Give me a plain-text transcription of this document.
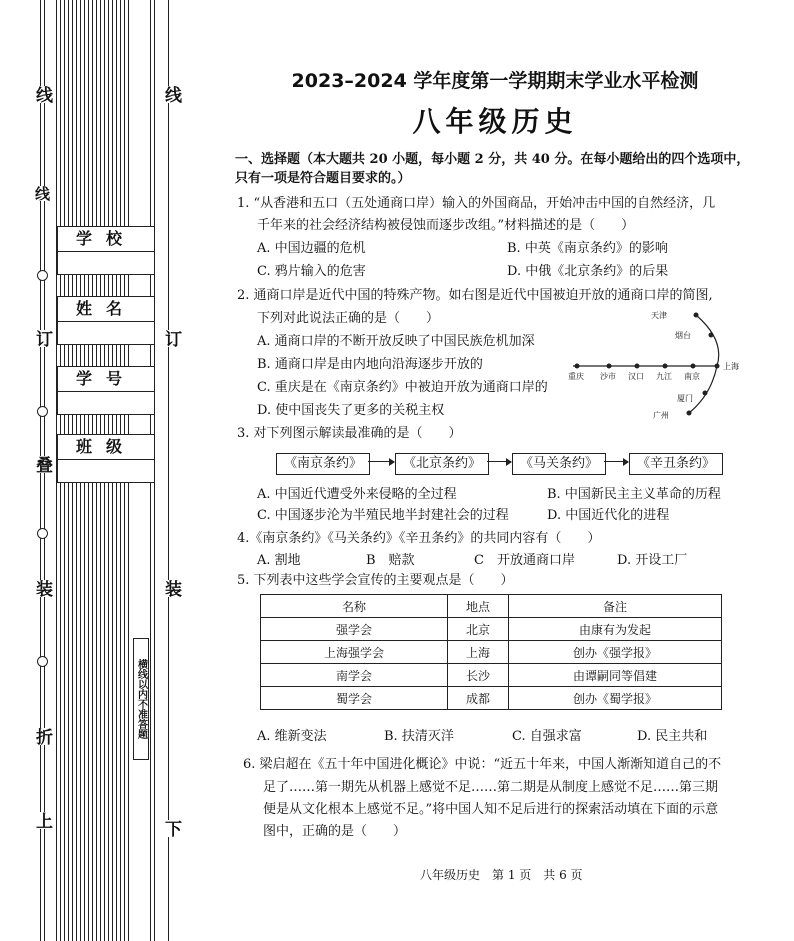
线
订
装
折
上
叠
线
线
订
装
下
学校
姓名
学号
班级
横线以内不准答题
2023–2024 学年度第一学期期末学业水平检测
八年级历史
一、选择题（本大题共 20 小题，每小题 2 分，共 40 分。在每小题给出的四个选项中，
只有一项是符合题目要求的。）
1. “从香港和五口（五处通商口岸）输入的外国商品，开始冲击中国的自然经济，几
千年来的社会经济结构被侵蚀而逐步改组。”材料描述的是（　　）
A. 中国边疆的危机	B. 中英《南京条约》的影响
C. 鸦片输入的危害	D. 中俄《北京条约》的后果
2. 通商口岸是近代中国的特殊产物。如右图是近代中国被迫开放的通商口岸的简图,
下列对此说法正确的是（　　）
A. 通商口岸的不断开放反映了中国民族危机加深
B. 通商口岸是由内地向沿海逐步开放的
C. 重庆是在《南京条约》中被迫开放为通商口岸的
D. 使中国丧失了更多的关税主权
天津
烟台
上海
重庆 沙市 汉口 九江 南京
厦门
广州
3. 对下列图示解读最准确的是（　　）
《南京条约》	《北京条约》	《马关条约》	《辛丑条约》
A. 中国近代遭受外来侵略的全过程	B. 中国新民主主义革命的历程
C. 中国逐步沦为半殖民地半封建社会的过程	D. 中国近代化的进程
4.《南京条约》《马关条约》《辛丑条约》的共同内容有（　　）
A. 割地	B　赔款	C　开放通商口岸	D. 开设工厂
5. 下列表中这些学会宣传的主要观点是（　　）
名称	地点	备注
强学会	北京	由康有为发起
上海强学会	上海	创办《强学报》
南学会	长沙	由谭嗣同等倡建
蜀学会	成都	创办《蜀学报》
A. 维新变法	B. 扶清灭洋	C. 自强求富	D. 民主共和
6. 梁启超在《五十年中国进化概论》中说：“近五十年来，中国人渐渐知道自己的不
足了……第一期先从机器上感觉不足……第二期是从制度上感觉不足……第三期
便是从文化根本上感觉不足。”将中国人知不足后进行的探索活动填在下面的示意
图中，正确的是（　　）
八年级历史　第 1 页　共 6 页
